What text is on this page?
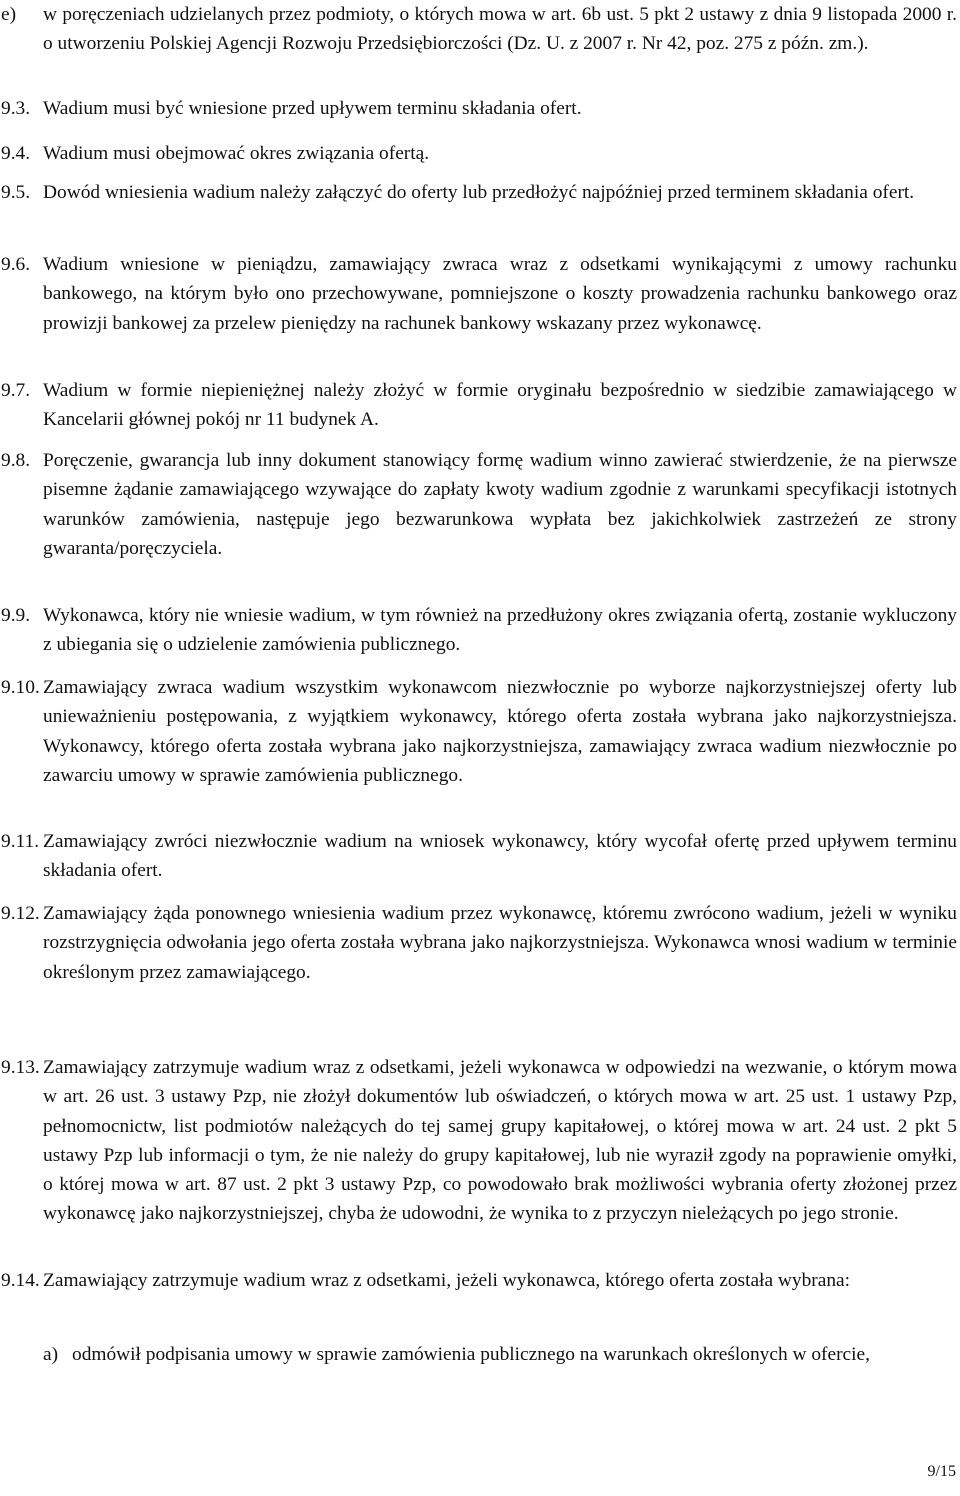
e) w poręczeniach udzielanych przez podmioty, o których mowa w art. 6b ust. 5 pkt 2 ustawy z dnia 9 listopada 2000 r. o utworzeniu Polskiej Agencji Rozwoju Przedsiębiorczości (Dz. U. z 2007 r. Nr 42, poz. 275 z późn. zm.).
9.3. Wadium musi być wniesione przed upływem terminu składania ofert.
9.4. Wadium musi obejmować okres związania ofertą.
9.5. Dowód wniesienia wadium należy załączyć do oferty lub przedłożyć najpóźniej przed terminem składania ofert.
9.6. Wadium wniesione w pieniądzu, zamawiający zwraca wraz z odsetkami wynikającymi z umowy rachunku bankowego, na którym było ono przechowywane, pomniejszone o koszty prowadzenia rachunku bankowego oraz prowizji bankowej za przelew pieniędzy na rachunek bankowy wskazany przez wykonawcę.
9.7. Wadium w formie niepieniężnej należy złożyć w formie oryginału bezpośrednio w siedzibie zamawiającego w Kancelarii głównej pokój nr 11 budynek A.
9.8. Poręczenie, gwarancja lub inny dokument stanowiący formę wadium winno zawierać stwierdzenie, że na pierwsze pisemne żądanie zamawiającego wzywające do zapłaty kwoty wadium zgodnie z warunkami specyfikacji istotnych warunków zamówienia, następuje jego bezwarunkowa wypłata bez jakichkolwiek zastrzeżeń ze strony gwaranta/poręczyciela.
9.9. Wykonawca, który nie wniesie wadium, w tym również na przedłużony okres związania ofertą, zostanie wykluczony z ubiegania się o udzielenie zamówienia publicznego.
9.10. Zamawiający zwraca wadium wszystkim wykonawcom niezwłocznie po wyborze najkorzystniejszej oferty lub unieważnieniu postępowania, z wyjątkiem wykonawcy, którego oferta została wybrana jako najkorzystniejsza. Wykonawcy, którego oferta została wybrana jako najkorzystniejsza, zamawiający zwraca wadium niezwłocznie po zawarciu umowy w sprawie zamówienia publicznego.
9.11. Zamawiający zwróci niezwłocznie wadium na wniosek wykonawcy, który wycofał ofertę przed upływem terminu składania ofert.
9.12. Zamawiający żąda ponownego wniesienia wadium przez wykonawcę, któremu zwrócono wadium, jeżeli w wyniku rozstrzygnięcia odwołania jego oferta została wybrana jako najkorzystniejsza. Wykonawca wnosi wadium w terminie określonym przez zamawiającego.
9.13. Zamawiający zatrzymuje wadium wraz z odsetkami, jeżeli wykonawca w odpowiedzi na wezwanie, o którym mowa w art. 26 ust. 3 ustawy Pzp, nie złożył dokumentów lub oświadczeń, o których mowa w art. 25 ust. 1 ustawy Pzp, pełnomocnictw, list podmiotów należących do tej samej grupy kapitałowej, o której mowa w art. 24 ust. 2 pkt 5 ustawy Pzp lub informacji o tym, że nie należy do grupy kapitałowej, lub nie wyraził zgody na poprawienie omyłki, o której mowa w art. 87 ust. 2 pkt 3 ustawy Pzp, co powodowało brak możliwości wybrania oferty złożonej przez wykonawcę jako najkorzystniejszej, chyba że udowodni, że wynika to z przyczyn nieleżących po jego stronie.
9.14. Zamawiający zatrzymuje wadium wraz z odsetkami, jeżeli wykonawca, którego oferta została wybrana:
a) odmówił podpisania umowy w sprawie zamówienia publicznego na warunkach określonych w ofercie,
9/15
